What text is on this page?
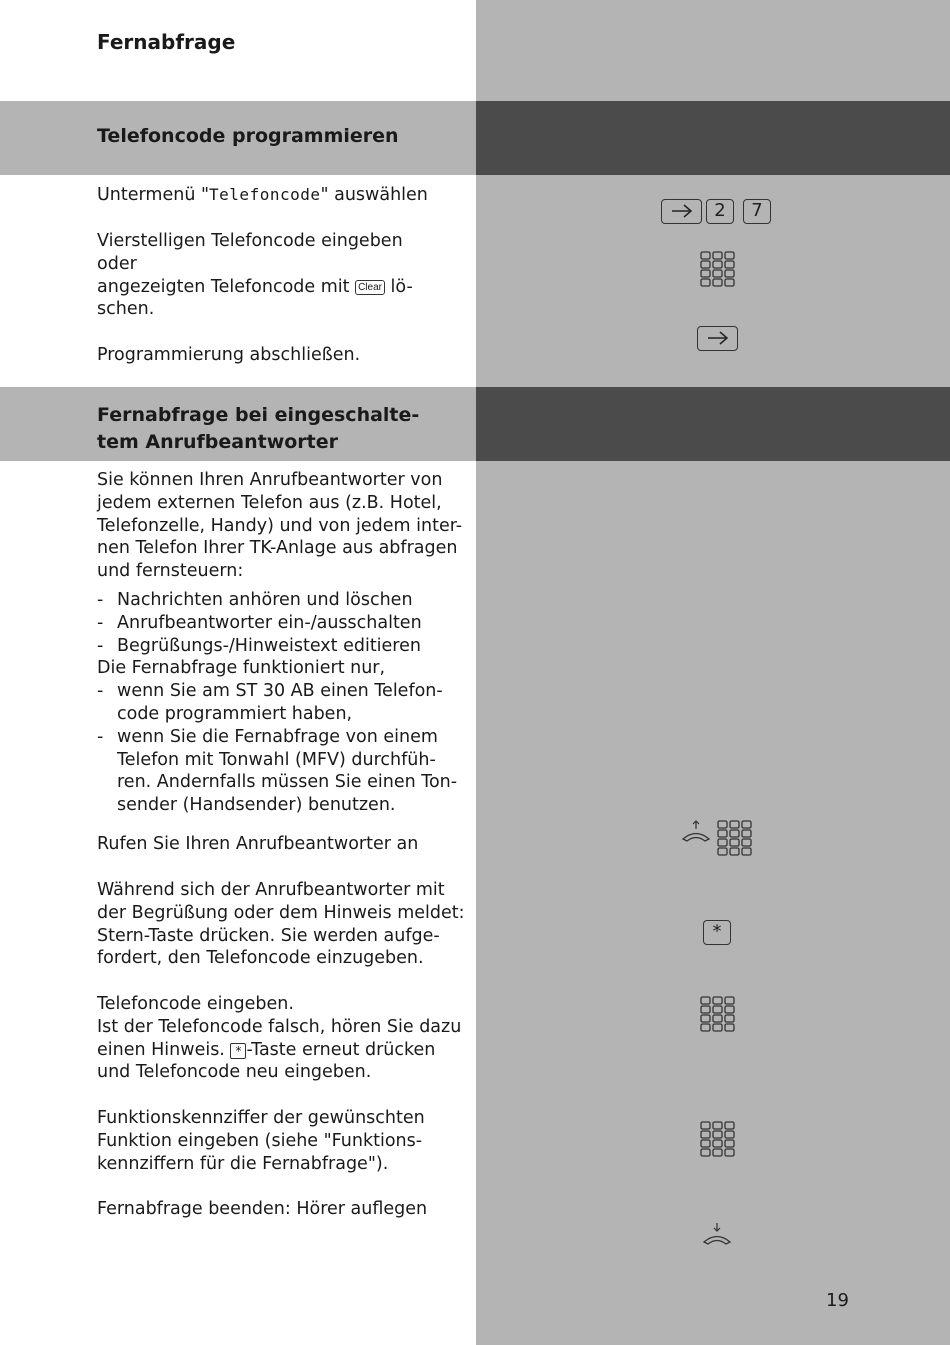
Fernabfrage
Telefoncode programmieren

Untermenü "Telefoncode" auswählen

Vierstelligen Telefoncode eingeben
oder
angezeigten Telefoncode mit Clear lö-
schen.

Programmierung abschließen.

2	7
Fernabfrage bei eingeschalte-
tem Anrufbeantworter

Sie können Ihren Anrufbeantworter von
jedem externen Telefon aus (z.B. Hotel,
Telefonzelle, Handy) und von jedem inter-
nen Telefon Ihrer TK-Anlage aus abfragen
und fernsteuern:

- Nachrichten anhören und löschen
- Anrufbeantworter ein-/ausschalten
- Begrüßungs-/Hinweistext editieren
Die Fernabfrage funktioniert nur,
- wenn Sie am ST 30 AB einen Telefon-
code programmiert haben,
- wenn Sie die Fernabfrage von einem
Telefon mit Tonwahl (MFV) durchfüh-
ren. Andernfalls müssen Sie einen Ton-
sender (Handsender) benutzen.

Rufen Sie Ihren Anrufbeantworter an

Während sich der Anrufbeantworter mit
der Begrüßung oder dem Hinweis meldet:
Stern-Taste drücken. Sie werden aufge-
fordert, den Telefoncode einzugeben.

Telefoncode eingeben.
Ist der Telefoncode falsch, hören Sie dazu
einen Hinweis. * -Taste erneut drücken
und Telefoncode neu eingeben.

Funktionskennziffer der gewünschten
Funktion eingeben (siehe "Funktions-
kennziffern für die Fernabfrage").

Fernabfrage beenden: Hörer auflegen

*

19
